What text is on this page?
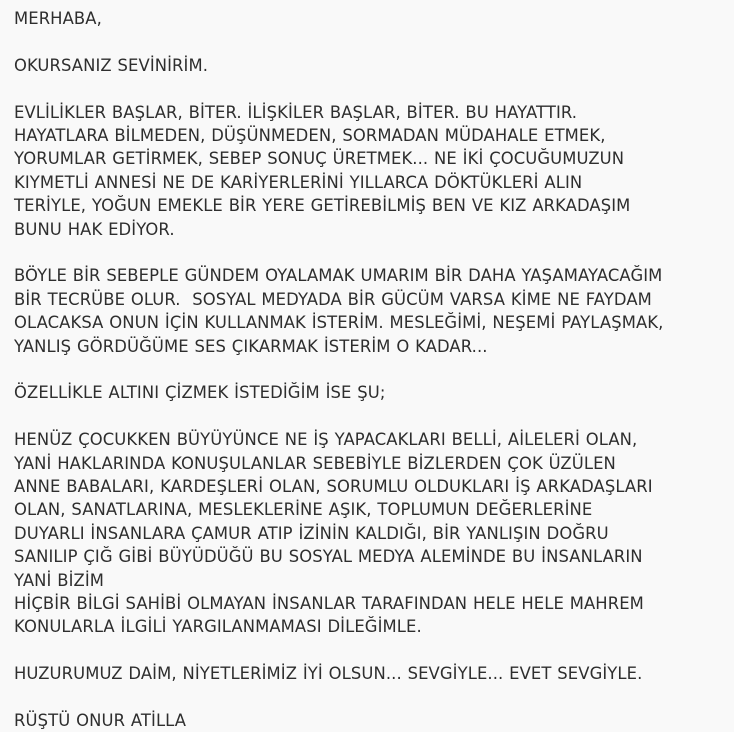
MERHABA,
OKURSANIZ SEVİNİRİM.
EVLİLİKLER BAŞLAR, BİTER. İLİŞKİLER BAŞLAR, BİTER. BU HAYATTIR.
HAYATLARA BİLMEDEN, DÜŞÜNMEDEN, SORMADAN MÜDAHALE ETMEK,
YORUMLAR GETİRMEK, SEBEP SONUÇ ÜRETMEK... NE İKİ ÇOCUĞUMUZUN
KIYMETLİ ANNESİ NE DE KARİYERLERİNİ YILLARCA DÖKTÜKLERİ ALIN
TERİYLE, YOĞUN EMEKLE BİR YERE GETİREBİLMİŞ BEN VE KIZ ARKADAŞIM
BUNU HAK EDİYOR.
BÖYLE BİR SEBEPLE GÜNDEM OYALAMAK UMARIM BİR DAHA YAŞAMAYACAĞIM
BİR TECRÜBE OLUR.  SOSYAL MEDYADA BİR GÜCÜM VARSA KİME NE FAYDAM
OLACAKSA ONUN İÇİN KULLANMAK İSTERİM. MESLEĞİMİ, NEŞEMİ PAYLAŞMAK,
YANLIŞ GÖRDÜĞÜME SES ÇIKARMAK İSTERİM O KADAR...
ÖZELLİKLE ALTINI ÇİZMEK İSTEDİĞİM İSE ŞU;
HENÜZ ÇOCUKKEN BÜYÜYÜNCE NE İŞ YAPACAKLARI BELLİ, AİLELERİ OLAN,
YANİ HAKLARINDA KONUŞULANLAR SEBEBİYLE BİZLERDEN ÇOK ÜZÜLEN
ANNE BABALARI, KARDEŞLERİ OLAN, SORUMLU OLDUKLARI İŞ ARKADAŞLARI
OLAN, SANATLARINA, MESLEKLERİNE AŞIK, TOPLUMUN DEĞERLERİNE
DUYARLI İNSANLARA ÇAMUR ATIP İZİNİN KALDIĞI, BİR YANLIŞIN DOĞRU
SANILIP ÇIĞ GİBİ BÜYÜDÜĞÜ BU SOSYAL MEDYA ALEMİNDE BU İNSANLARIN
YANİ BİZİM
HİÇBİR BİLGİ SAHİBİ OLMAYAN İNSANLAR TARAFINDAN HELE HELE MAHREM
KONULARLA İLGİLİ YARGILANMAMASI DİLEĞİMLE.
HUZURUMUZ DAİM, NİYETLERİMİZ İYİ OLSUN... SEVGİYLE... EVET SEVGİYLE.
RÜŞTÜ ONUR ATİLLA
